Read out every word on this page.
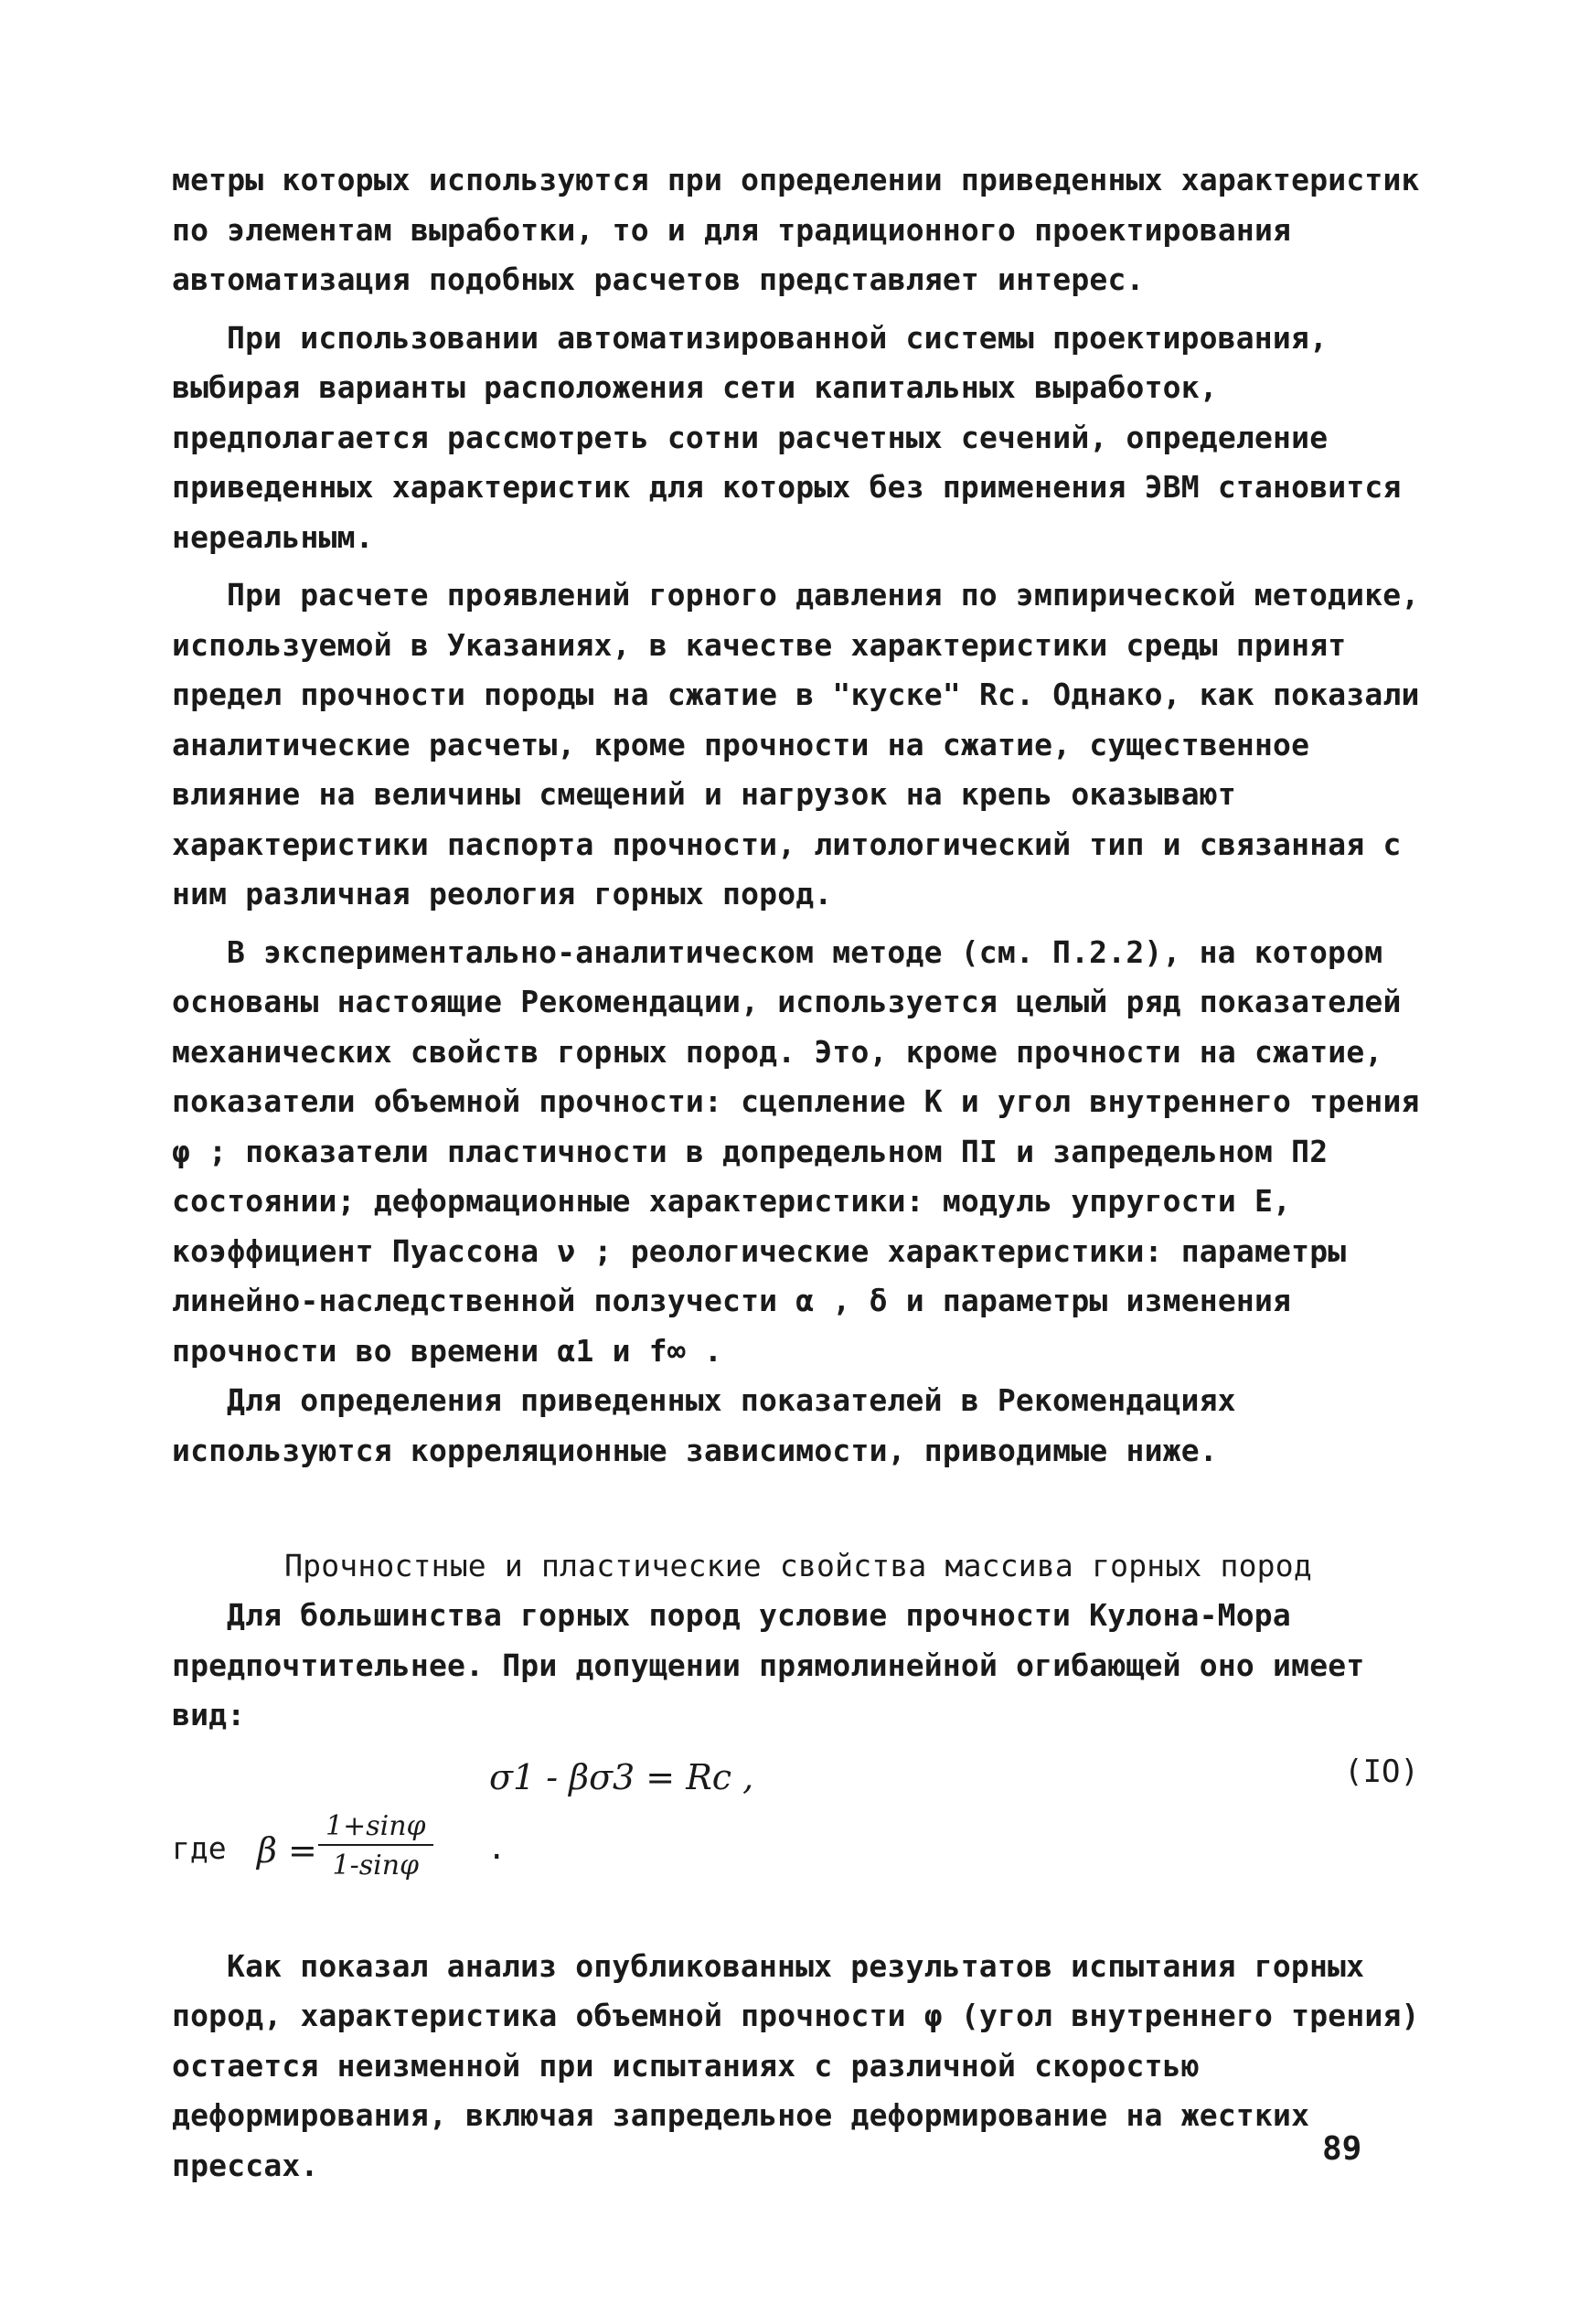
метры которых используются при определении приведенных характеристик по элементам выработки, то и для традиционного проектирования автоматизация подобных расчетов представляет интерес.

При использовании автоматизированной системы проектирования, выбирая варианты расположения сети капитальных выработок, предполагается рассмотреть сотни расчетных сечений, определение приведенных характеристик для которых без применения ЭВМ становится нереальным.

При расчете проявлений горного давления по эмпирической методике, используемой в Указаниях, в качестве характеристики среды принят предел прочности породы на сжатие в "куске" Rc. Однако, как показали аналитические расчеты, кроме прочности на сжатие, существенное влияние на величины смещений и нагрузок на крепь оказывают характеристики паспорта прочности, литологический тип и связанная с ним различная реология горных пород.

В экспериментально-аналитическом методе (см. П.2.2), на котором основаны настоящие Рекомендации, используется целый ряд показателей механических свойств горных пород. Это, кроме прочности на сжатие, показатели объемной прочности: сцепление К и угол внутреннего трения φ ; показатели пластичности в допредельном ΠI и запредельном Π2 состоянии; деформационные характеристики: модуль упругости Е, коэффициент Пуассона ν ; реологические характеристики: параметры линейно-наследственной ползучести α , δ и параметры изменения прочности во времени α1 и f∞ .

Для определения приведенных показателей в Рекомендациях используются корреляционные зависимости, приводимые ниже.

Прочностные и пластические свойства массива горных пород

Для большинства горных пород условие прочности Кулона-Мора предпочтительнее. При допущении прямолинейной огибающей оно имеет вид:

σ1 - βσ3 = Rc ,	(IO)
где $\beta = \frac{1+\sin\varphi}{1-\sin\varphi}$ .

Как показал анализ опубликованных результатов испытания горных пород, характеристика объемной прочности φ (угол внутреннего трения) остается неизменной при испытаниях с различной скоростью деформирования, включая запредельное деформирование на жестких прессах.	89
